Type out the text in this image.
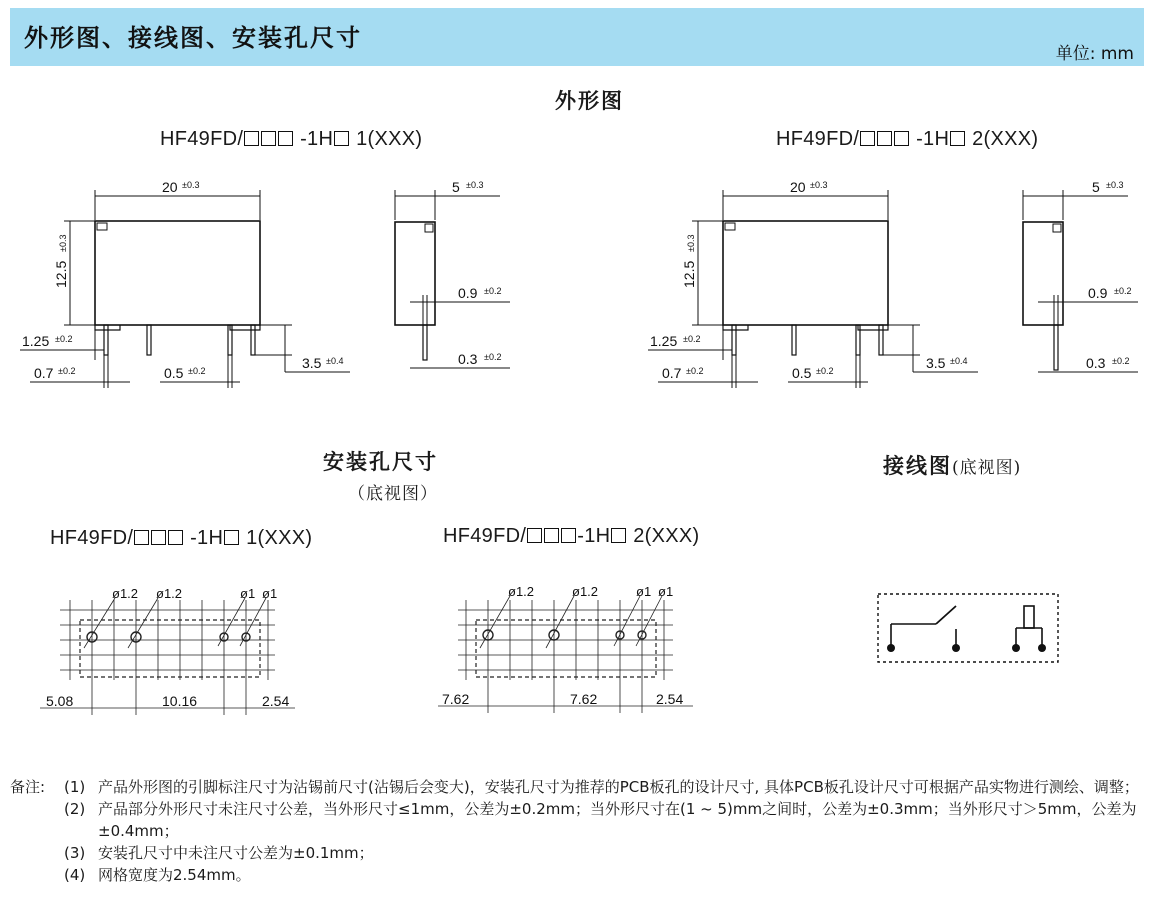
外形图、接线图、安装孔尺寸
单位: mm
外形图
HF49FD/	-1H 1(XXX)	HF49FD/	-1H 2(XXX)
20 ±0.3
12.5
±0.3
1.25 ±0.2
0.7 ±0.2	0.5 ±0.2	3.5 ±0.4
5 ±0.3
0.9 ±0.2
0.3 ±0.2
20 ±0.3
12.5
±0.3
1.25 ±0.2
0.7 ±0.2	0.5 ±0.2	3.5 ±0.4
5 ±0.3
0.9 ±0.2
0.3 ±0.2
安装孔尺寸
（底视图）
接线图(底视图)
HF49FD/	-1H 1(XXX)	HF49FD/	-1H 2(XXX)
ø1.2 ø1.2	ø1 ø1
5.08	10.16	2.54
ø1.2	ø1.2	ø1 ø1
7.62	7.62	2.54
备注: (1) 产品外形图的引脚标注尺寸为沾锡前尺寸(沾锡后会变大)，安装孔尺寸为推荐的PCB板孔的设计尺寸, 具体PCB板孔设计尺寸可根据产品实物进行测绘、调整；
(2) 产品部分外形尺寸未注尺寸公差，当外形尺寸≤1mm，公差为±0.2mm；当外形尺寸在(1 ~ 5)mm之间时，公差为±0.3mm；当外形尺寸＞5mm，公差为±0.4mm；
(3) 安装孔尺寸中未注尺寸公差为±0.1mm；
(4) 网格宽度为2.54mm。
